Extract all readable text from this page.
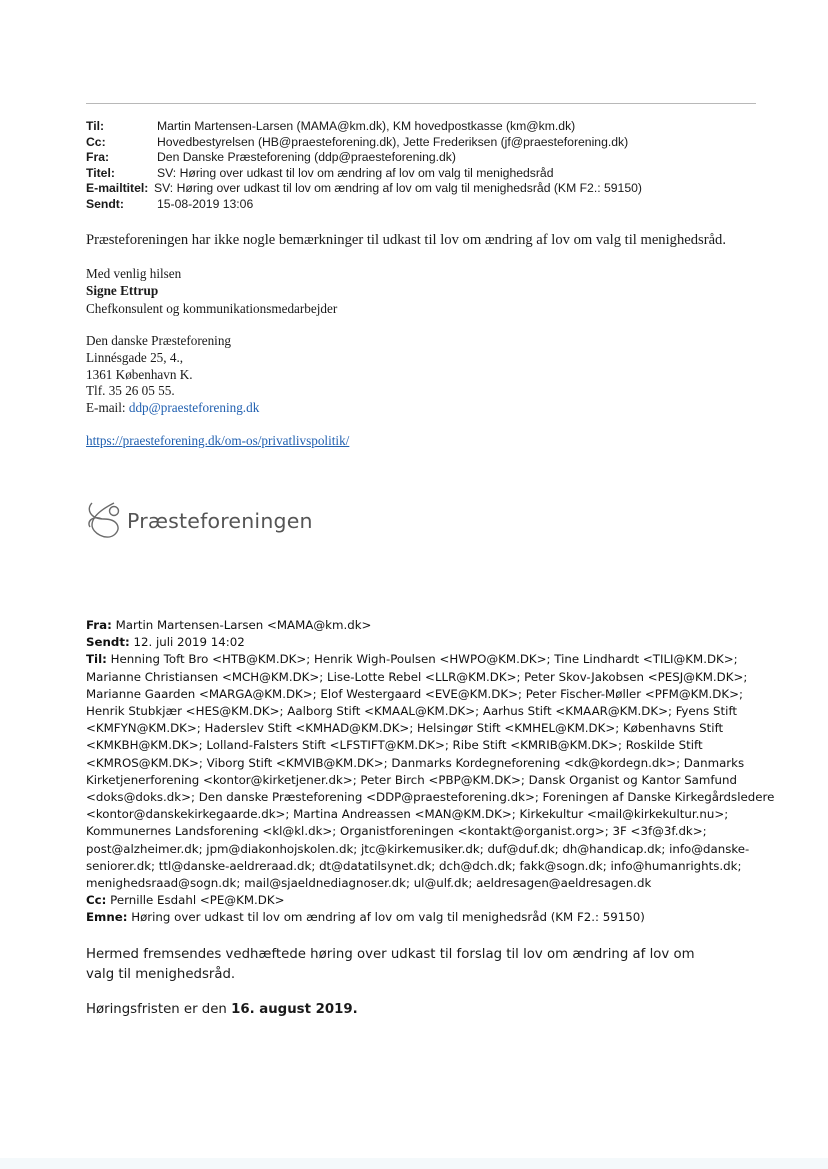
Til:	Martin Martensen-Larsen (MAMA@km.dk), KM hovedpostkasse (km@km.dk)
Cc:	Hovedbestyrelsen (HB@praesteforening.dk), Jette Frederiksen (jf@praesteforening.dk)
Fra:	Den Danske Præsteforening (ddp@praesteforening.dk)
Titel:	SV: Høring over udkast til lov om ændring af lov om valg til menighedsråd
E-mailtitel: SV: Høring over udkast til lov om ændring af lov om valg til menighedsråd (KM F2.: 59150)
Sendt:	15-08-2019 13:06
Præsteforeningen har ikke nogle bemærkninger til udkast til lov om ændring af lov om valg til menighedsråd.
Med venlig hilsen
Signe Ettrup
Chefkonsulent og kommunikationsmedarbejder
Den danske Præsteforening
Linnésgade 25, 4.,
1361 København K.
Tlf. 35 26 05 55.
E-mail: ddp@praesteforening.dk
https://praesteforening.dk/om-os/privatlivspolitik/
Præsteforeningen
Fra: Martin Martensen-Larsen <MAMA@km.dk>
Sendt: 12. juli 2019 14:02
Til: Henning Toft Bro <HTB@KM.DK>; Henrik Wigh-Poulsen <HWPO@KM.DK>; Tine Lindhardt <TILI@KM.DK>; Marianne Christiansen <MCH@KM.DK>; Lise-Lotte Rebel <LLR@KM.DK>; Peter Skov-Jakobsen <PESJ@KM.DK>; Marianne Gaarden <MARGA@KM.DK>; Elof Westergaard <EVE@KM.DK>; Peter Fischer-Møller <PFM@KM.DK>; Henrik Stubkjær <HES@KM.DK>; Aalborg Stift <KMAAL@KM.DK>; Aarhus Stift <KMAAR@KM.DK>; Fyens Stift <KMFYN@KM.DK>; Haderslev Stift <KMHAD@KM.DK>; Helsingør Stift <KMHEL@KM.DK>; Københavns Stift <KMKBH@KM.DK>; Lolland-Falsters Stift <LFSTIFT@KM.DK>; Ribe Stift <KMRIB@KM.DK>; Roskilde Stift <KMROS@KM.DK>; Viborg Stift <KMVIB@KM.DK>; Danmarks Kordegneforening <dk@kordegn.dk>; Danmarks Kirketjenerforening <kontor@kirketjener.dk>; Peter Birch <PBP@KM.DK>; Dansk Organist og Kantor Samfund <doks@doks.dk>; Den danske Præsteforening <DDP@praesteforening.dk>; Foreningen af Danske Kirkegårdsledere <kontor@danskekirkegaarde.dk>; Martina Andreassen <MAN@KM.DK>; Kirkekultur <mail@kirkekultur.nu>; Kommunernes Landsforening <kl@kl.dk>; Organistforeningen <kontakt@organist.org>; 3F <3f@3f.dk>; post@alzheimer.dk; jpm@diakonhojskolen.dk; jtc@kirkemusiker.dk; duf@duf.dk; dh@handicap.dk; info@danske-seniorer.dk; ttl@danske-aeldreraad.dk; dt@datatilsynet.dk; dch@dch.dk; fakk@sogn.dk; info@humanrights.dk; menighedsraad@sogn.dk; mail@sjaeldnediagnoser.dk; ul@ulf.dk; aeldresagen@aeldresagen.dk
Cc: Pernille Esdahl <PE@KM.DK>
Emne: Høring over udkast til lov om ændring af lov om valg til menighedsråd (KM F2.: 59150)
Hermed fremsendes vedhæftede høring over udkast til forslag til lov om ændring af lov om valg til menighedsråd.
Høringsfristen er den 16. august 2019.
